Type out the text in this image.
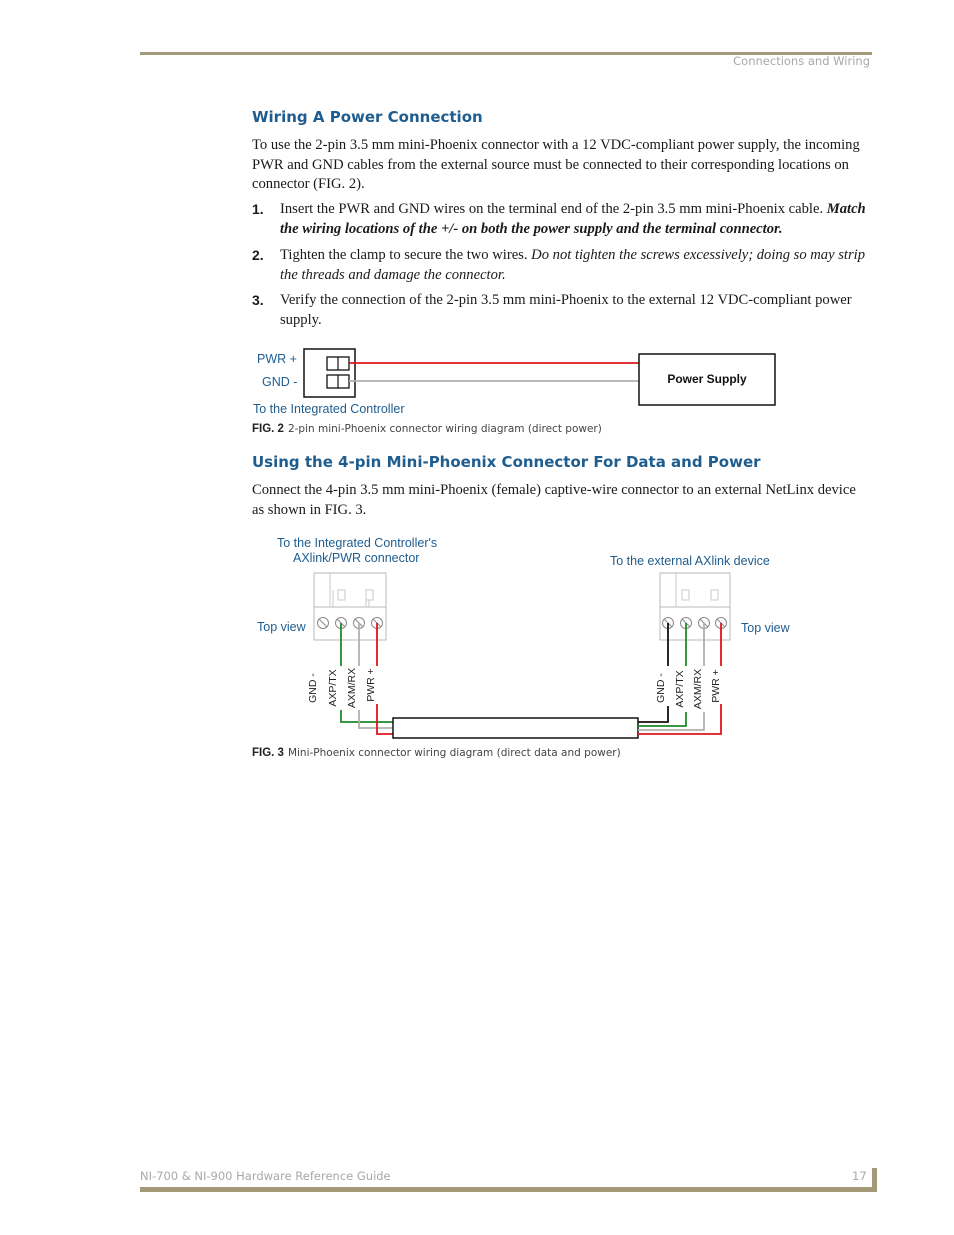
Connections and Wiring
Wiring A Power Connection

To use the 2-pin 3.5 mm mini-Phoenix connector with a 12 VDC-compliant power supply, the incoming PWR and GND cables from the external source must be connected to their corresponding locations on connector (FIG. 2).

1. Insert the PWR and GND wires on the terminal end of the 2-pin 3.5 mm mini-Phoenix cable. Match the wiring locations of the +/- on both the power supply and the terminal connector.
2. Tighten the clamp to secure the two wires. Do not tighten the screws excessively; doing so may strip the threads and damage the connector.
3. Verify the connection of the 2-pin 3.5 mm mini-Phoenix to the external 12 VDC-compliant power supply.
PWR +
GND -	Power Supply
To the Integrated Controller
FIG. 2 2-pin mini-Phoenix connector wiring diagram (direct power)
Using the 4-pin Mini-Phoenix Connector For Data and Power

Connect the 4-pin 3.5 mm mini-Phoenix (female) captive-wire connector to an external NetLinx device as shown in FIG. 3.

To the Integrated Controller's
AXlink/PWR connector	To the external AXlink device
Top view	Top view
GND - AXP/TX AXM/RX PWR +	GND - AXP/TX AXM/RX PWR +
FIG. 3 Mini-Phoenix connector wiring diagram (direct data and power)
NI-700 & NI-900 Hardware Reference Guide	17
